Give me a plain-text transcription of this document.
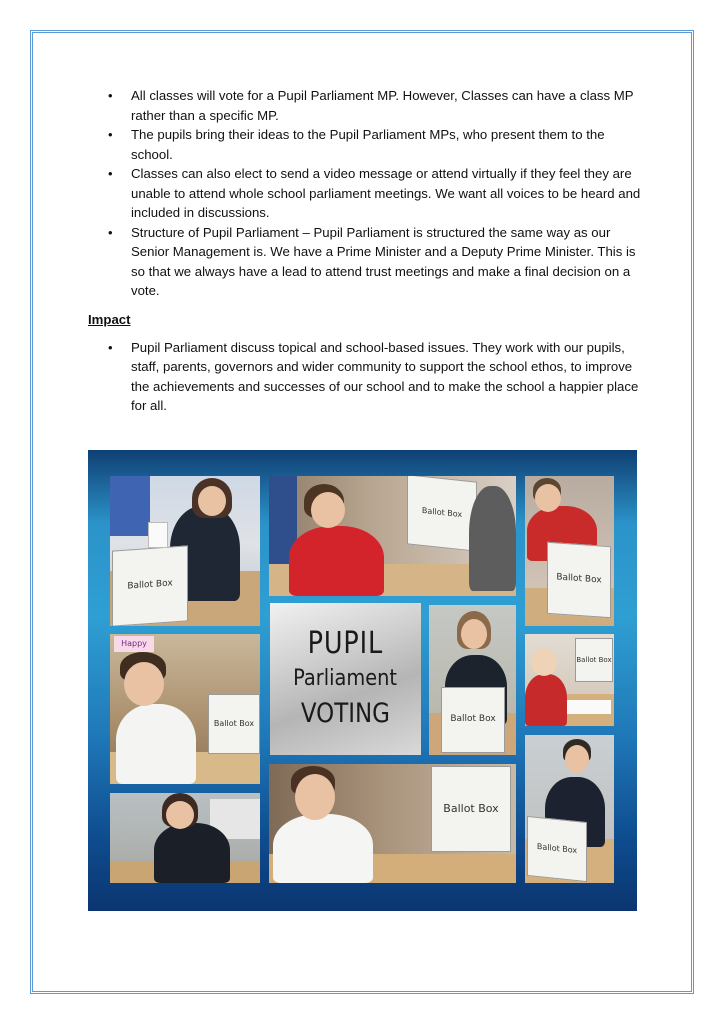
• All classes will vote for a Pupil Parliament MP. However, Classes can have a class MP rather than a specific MP.
• The pupils bring their ideas to the Pupil Parliament MPs, who present them to the school.
• Classes can also elect to send a video message or attend virtually if they feel they are unable to attend whole school parliament meetings. We want all voices to be heard and included in discussions.
• Structure of Pupil Parliament – Pupil Parliament is structured the same way as our Senior Management is. We have a Prime Minister and a Deputy Prime Minister. This is so that we always have a lead to attend trust meetings and make a final decision on a vote.
Impact
• Pupil Parliament discuss topical and school-based issues. They work with our pupils, staff, parents, governors and wider community to support the school ethos, to improve the achievements and successes of our school and to make the school a happier place for all.
Ballot Box
Ballot Box
Ballot Box
Happy
Ballot Box
PUPIL
Parliament
VOTING	Ballot Box
Ballot Box
Ballot Box
Ballot Box
